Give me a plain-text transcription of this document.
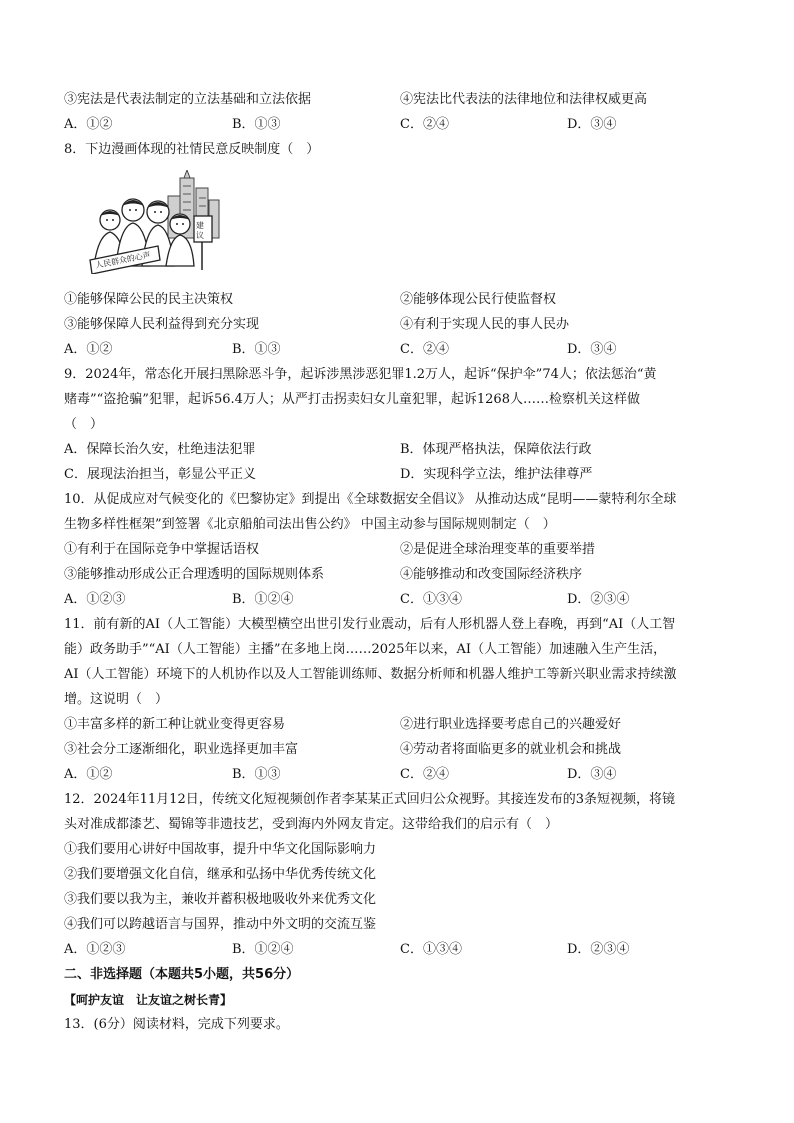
③宪法是代表法制定的立法基础和立法依据	④宪法比代表法的法律地位和法律权威更高
A．①②	B．①③	C．②④	D．③④
8．下边漫画体现的社情民意反映制度（　）
人民群众的心声
建
议
①能够保障公民的民主决策权	②能够体现公民行使监督权
③能够保障人民利益得到充分实现	④有利于实现人民的事人民办
A．①②	B．①③	C．②④	D．③④
9．2024年，常态化开展扫黑除恶斗争，起诉涉黑涉恶犯罪1.2万人，起诉“保护伞”74人；依法惩治“黄
赌毒”“盗抢骗”犯罪，起诉56.4万人；从严打击拐卖妇女儿童犯罪，起诉1268人……检察机关这样做
（　）
A．保障长治久安，杜绝违法犯罪	B．体现严格执法，保障依法行政
C．展现法治担当，彰显公平正义	D．实现科学立法，维护法律尊严
10．从促成应对气候变化的《巴黎协定》到提出《全球数据安全倡议》 从推动达成“昆明——蒙特利尔全球
生物多样性框架”到签署《北京船舶司法出售公约》 中国主动参与国际规则制定（　）
①有利于在国际竞争中掌握话语权	②是促进全球治理变革的重要举措
③能够推动形成公正合理透明的国际规则体系	④能够推动和改变国际经济秩序
A．①②③	B．①②④	C．①③④	D．②③④
11．前有新的AI（人工智能）大模型横空出世引发行业震动，后有人形机器人登上春晚，再到“AI（人工智
能）政务助手”“AI（人工智能）主播”在多地上岗……2025年以来，AI（人工智能）加速融入生产生活，
AI（人工智能）环境下的人机协作以及人工智能训练师、数据分析师和机器人维护工等新兴职业需求持续激
增。这说明（　）
①丰富多样的新工种让就业变得更容易	②进行职业选择要考虑自己的兴趣爱好
③社会分工逐渐细化，职业选择更加丰富	④劳动者将面临更多的就业机会和挑战
A．①②	B．①③	C．②④	D．③④
12．2024年11月12日，传统文化短视频创作者李某某正式回归公众视野。其接连发布的3条短视频，将镜
头对准成都漆艺、蜀锦等非遗技艺，受到海内外网友肯定。这带给我们的启示有（　）
①我们要用心讲好中国故事，提升中华文化国际影响力
②我们要增强文化自信，继承和弘扬中华优秀传统文化
③我们要以我为主，兼收并蓄积极地吸收外来优秀文化
④我们可以跨越语言与国界，推动中外文明的交流互鉴
A．①②③	B．①②④	C．①③④	D．②③④
二、非选择题（本题共5小题，共56分）
【呵护友谊　让友谊之树长青】
13．(6分）阅读材料，完成下列要求。
